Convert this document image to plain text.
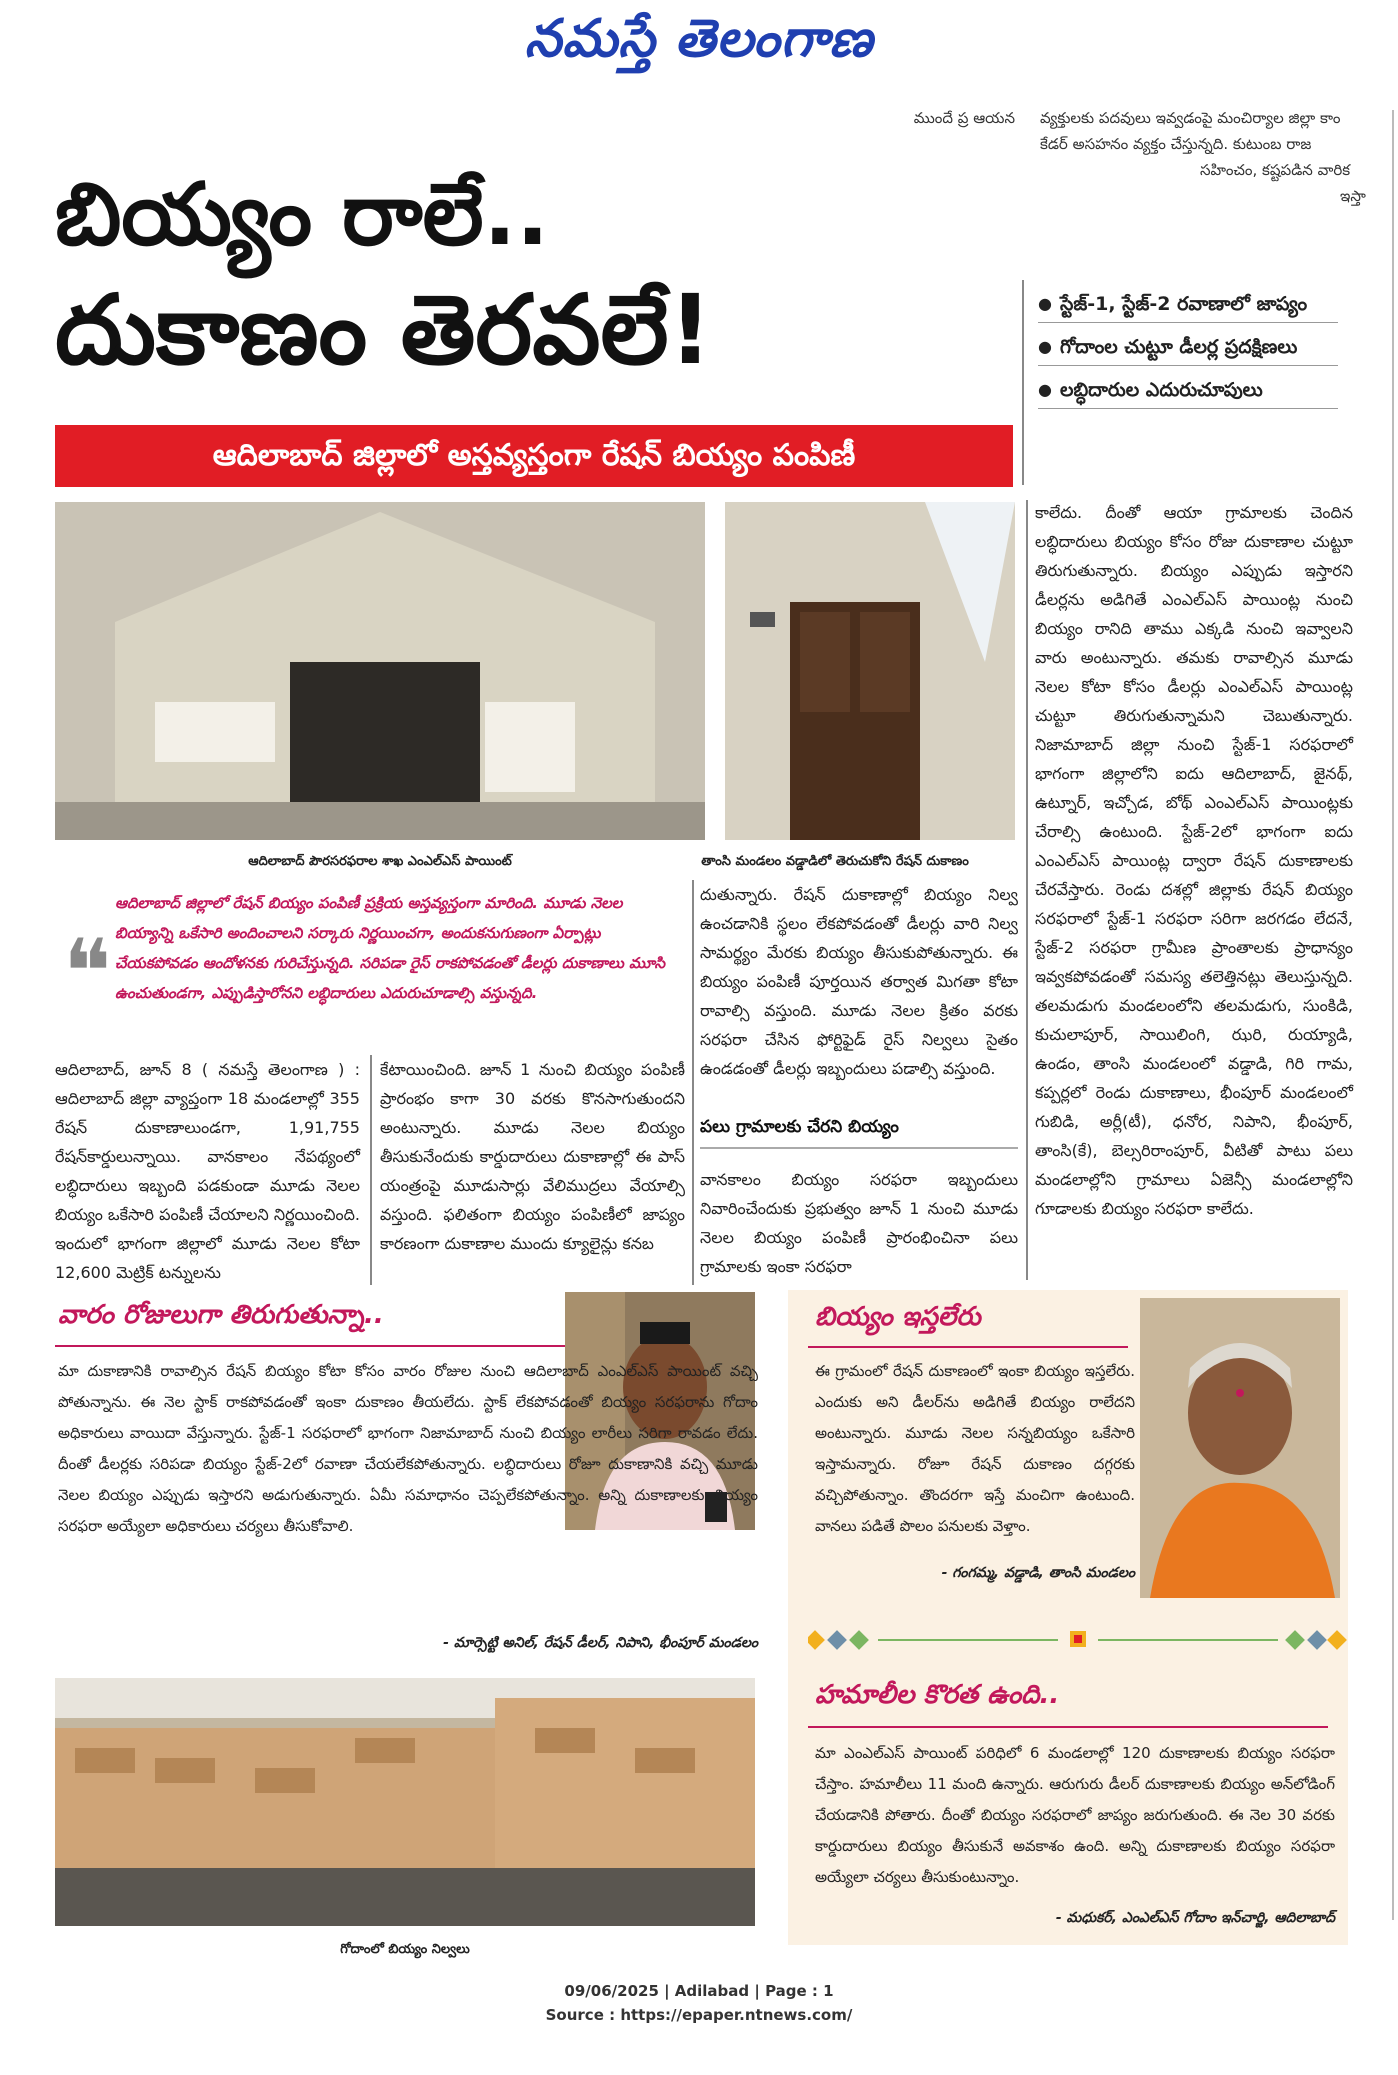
నమస్తే తెలంగాణ
ముందే ప్ర ఆయన వ్యక్తులకు పదవులు ఇవ్వడంపై మంచిర్యాల జిల్లా కాం
కేడర్ అసహనం వ్యక్తం చేస్తున్నది. కుటుంబ రాజ
సహించం, కష్టపడిన వారిక
ఇస్తా
బియ్యం రాలే..
దుకాణం తెరవలే!
ఆదిలాబాద్ జిల్లాలో అస్తవ్యస్తంగా రేషన్ బియ్యం పంపిణీ
● స్టేజ్-1, స్టేజ్-2 రవాణాలో జాప్యం
● గోదాంల చుట్టూ డీలర్ల ప్రదక్షిణలు
● లబ్ధిదారుల ఎదురుచూపులు
ఆదిలాబాద్ పౌరసరఫరాల శాఖ ఎంఎల్‌ఎస్ పాయింట్	తాంసి మండలం వడ్డాడిలో తెరుచుకోని రేషన్ దుకాణం
కాలేదు. దీంతో ఆయా గ్రామాలకు చెందిన లబ్ధిదారులు బియ్యం కోసం రోజు దుకాణాల చుట్టూ తిరుగుతున్నారు. బియ్యం ఎప్పుడు ఇస్తారని డీలర్లను అడిగితే ఎంఎల్‌ఎస్ పాయింట్ల నుంచి బియ్యం రానిది తాము ఎక్కడి నుంచి ఇవ్వాలని వారు అంటున్నారు. తమకు రావాల్సిన మూడు నెలల కోటా కోసం డీలర్లు ఎంఎల్‌ఎస్ పాయింట్ల చుట్టూ తిరుగుతున్నామని చెబుతున్నారు. నిజామాబాద్ జిల్లా నుంచి స్టేజ్-1 సరఫరాలో భాగంగా జిల్లాలోని ఐదు ఆదిలాబాద్, జైనథ్, ఉట్నూర్, ఇచ్చోడ, బోథ్ ఎంఎల్‌ఎస్ పాయింట్లకు చేరాల్సి ఉంటుంది. స్టేజ్-2లో భాగంగా ఐదు ఎంఎల్‌ఎస్ పాయింట్ల ద్వారా రేషన్ దుకాణాలకు చేరవేస్తారు. రెండు దశల్లో జిల్లాకు రేషన్ బియ్యం సరఫరాలో స్టేజ్-1 సరఫరా సరిగా జరగడం లేదనే, స్టేజ్-2 సరఫరా గ్రామీణ ప్రాంతాలకు ప్రాధాన్యం ఇవ్వకపోవడంతో సమస్య తలెత్తినట్లు తెలుస్తున్నది. తలమడుగు మండలంలోని తలమడుగు, సుంకిడి, కుచులాపూర్, సాయిలింగి, ఝరి, రుయ్యాడి, ఉండం, తాంసి మండలంలో వడ్డాడి, గిరి గామ, కప్పర్లలో రెండు దుకాణాలు, భీంపూర్ మండలంలో గుబిడి, అర్లీ(టీ), ధనోర, నిపాని, భీంపూర్, తాంసి(కే), బెల్సరిరాంపూర్, వీటితో పాటు పలు మండలాల్లోని గ్రామాలు ఏజెన్సీ మండలాల్లోని గూడాలకు బియ్యం సరఫరా కాలేదు.
❝
ఆదిలాబాద్ జిల్లాలో రేషన్ బియ్యం పంపిణీ ప్రక్రియ అస్తవ్యస్తంగా మారింది. మూడు నెలల బియ్యాన్ని ఒకేసారి అందించాలని సర్కారు నిర్ణయించగా, అందుకనుగుణంగా ఏర్పాట్లు చేయకపోవడం ఆందోళనకు గురిచేస్తున్నది. సరిపడా రైస్ రాకపోవడంతో డీలర్లు దుకాణాలు మూసి ఉంచుతుండగా, ఎప్పుడిస్తారోనని లబ్ధిదారులు ఎదురుచూడాల్సి వస్తున్నది.
దుతున్నారు. రేషన్ దుకాణాల్లో బియ్యం నిల్వ ఉంచడానికి స్థలం లేకపోవడంతో డీలర్లు వారి నిల్వ సామర్థ్యం మేరకు బియ్యం తీసుకుపోతున్నారు. ఈ బియ్యం పంపిణీ పూర్తయిన తర్వాత మిగతా కోటా రావాల్సి వస్తుంది. మూడు నెలల క్రితం వరకు సరఫరా చేసిన ఫోర్టిఫైడ్ రైస్ నిల్వలు సైతం ఉండడంతో డీలర్లు ఇబ్బందులు పడాల్సి వస్తుంది.
ఆదిలాబాద్, జూన్ 8 ( నమస్తే తెలంగాణ ) : ఆదిలాబాద్ జిల్లా వ్యాప్తంగా 18 మండలాల్లో 355 రేషన్ దుకాణాలుండగా, 1,91,755 రేషన్‌కార్డులున్నాయి. వానకాలం నేపథ్యంలో లబ్ధిదారులు ఇబ్బంది పడకుండా మూడు నెలల బియ్యం ఒకేసారి పంపిణీ చేయాలని నిర్ణయించింది. ఇందులో భాగంగా జిల్లాలో మూడు నెలల కోటా 12,600 మెట్రిక్ టన్నులను
కేటాయించింది. జూన్ 1 నుంచి బియ్యం పంపిణీ ప్రారంభం కాగా 30 వరకు కొనసాగుతుందని అంటున్నారు. మూడు నెలల బియ్యం తీసుకునేందుకు కార్డుదారులు దుకాణాల్లో ఈ పాస్ యంత్రంపై మూడుసార్లు వేలిముద్రలు వేయాల్సి వస్తుంది. ఫలితంగా బియ్యం పంపిణీలో జాప్యం కారణంగా దుకాణాల ముందు క్యూలైన్లు కనబ
పలు గ్రామాలకు చేరని బియ్యం
వానకాలం బియ్యం సరఫరా ఇబ్బందులు నివారించేందుకు ప్రభుత్వం జూన్ 1 నుంచి మూడు నెలల బియ్యం పంపిణీ ప్రారంభించినా పలు గ్రామాలకు ఇంకా సరఫరా
వారం రోజులుగా తిరుగుతున్నా..
మా దుకాణానికి రావాల్సిన రేషన్ బియ్యం కోటా కోసం వారం రోజుల నుంచి ఆదిలాబాద్ ఎంఎల్‌ఎస్ పాయింట్ వచ్చి పోతున్నాను. ఈ నెల స్టాక్ రాకపోవడంతో ఇంకా దుకాణం తీయలేదు. స్టాక్ లేకపోవడంతో బియ్యం సరఫరాను గోదాం అధికారులు వాయిదా వేస్తున్నారు. స్టేజ్-1 సరఫరాలో భాగంగా నిజామాబాద్ నుంచి బియ్యం లారీలు సరిగా రావడం లేదు. దీంతో డీలర్లకు సరిపడా బియ్యం స్టేజ్-2లో రవాణా చేయలేకపోతున్నారు. లబ్ధిదారులు రోజూ దుకాణానికి వచ్చి మూడు నెలల బియ్యం ఎప్పుడు ఇస్తారని అడుగుతున్నారు. ఏమీ సమాధానం చెప్పలేకపోతున్నాం. అన్ని దుకాణాలకు బియ్యం సరఫరా అయ్యేలా అధికారులు చర్యలు తీసుకోవాలి.
- మార్సెట్టి అనిల్, రేషన్ డీలర్, నిపాని, భీంపూర్ మండలం
గోదాంలో బియ్యం నిల్వలు
బియ్యం ఇస్తలేరు
ఈ గ్రామంలో రేషన్ దుకాణంలో ఇంకా బియ్యం ఇస్తలేరు. ఎందుకు అని డీలర్‌ను అడిగితే బియ్యం రాలేదని అంటున్నారు. మూడు నెలల సన్నబియ్యం ఒకేసారి ఇస్తామన్నారు. రోజూ రేషన్ దుకాణం దగ్గరకు వచ్చిపోతున్నాం. తొందరగా ఇస్తే మంచిగా ఉంటుంది. వానలు పడితే పొలం పనులకు వెళ్తాం.
- గంగమ్మ, వడ్డాడి, తాంసి మండలం
హమాలీల కొరత ఉంది..
మా ఎంఎల్‌ఎస్ పాయింట్ పరిధిలో 6 మండలాల్లో 120 దుకాణాలకు బియ్యం సరఫరా చేస్తాం. హమాలీలు 11 మంది ఉన్నారు. ఆరుగురు డీలర్ దుకాణాలకు బియ్యం అన్‌లోడింగ్ చేయడానికి పోతారు. దీంతో బియ్యం సరఫరాలో జాప్యం జరుగుతుంది. ఈ నెల 30 వరకు కార్డుదారులు బియ్యం తీసుకునే అవకాశం ఉంది. అన్ని దుకాణాలకు బియ్యం సరఫరా అయ్యేలా చర్యలు తీసుకుంటున్నాం.
- మధుకర్, ఎంఎల్‌ఎస్ గోదాం ఇన్‌చార్జి, ఆదిలాబాద్
09/06/2025 | Adilabad | Page : 1
Source : https://epaper.ntnews.com/
